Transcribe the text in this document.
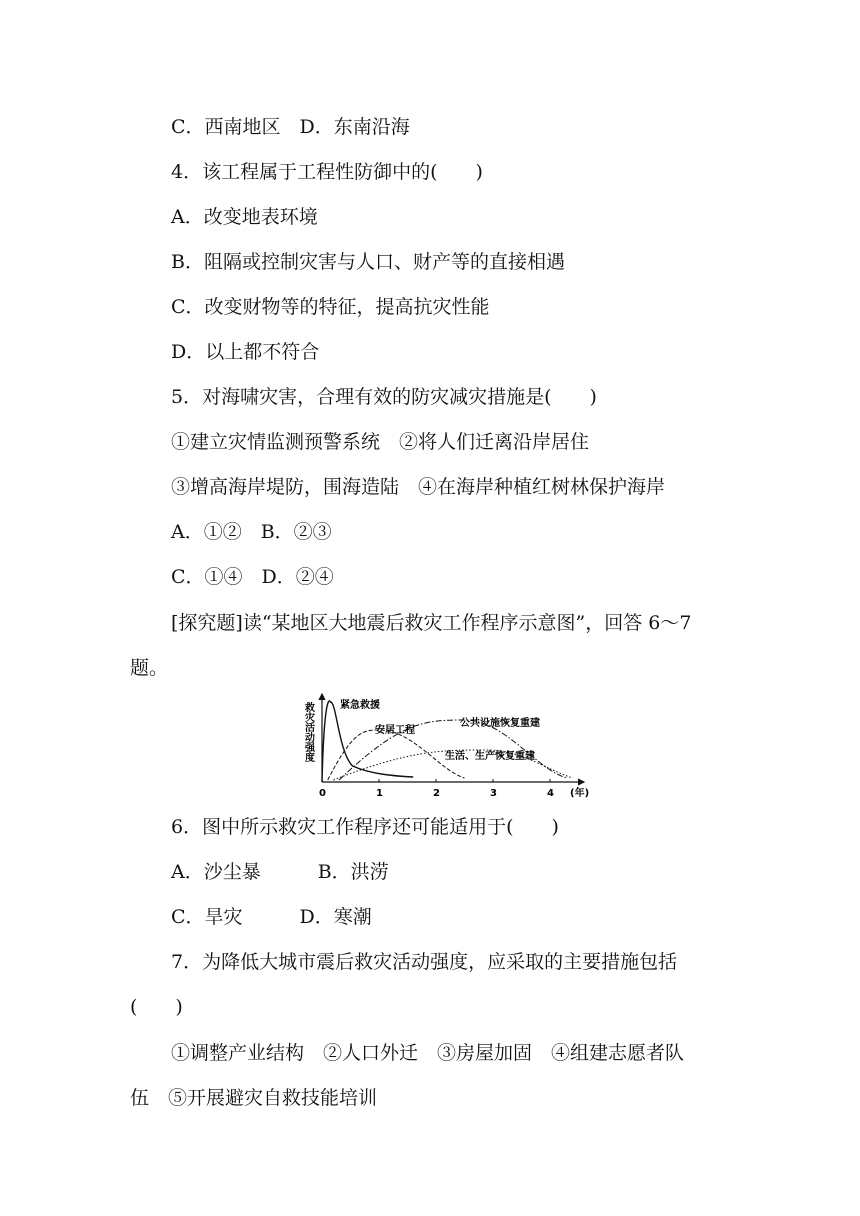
C．西南地区　D．东南沿海
4．该工程属于工程性防御中的(　　)
A．改变地表环境
B．阻隔或控制灾害与人口、财产等的直接相遇
C．改变财物等的特征，提高抗灾性能
D．以上都不符合
5．对海啸灾害，合理有效的防灾减灾措施是(　　)
①建立灾情监测预警系统　②将人们迁离沿岸居住
③增高海岸堤防，围海造陆　④在海岸种植红树林保护海岸
A．①②　B．②③
C．①④　D．②④
[探究题]读“某地区大地震后救灾工作程序示意图”，回答 6～7
题。
救灾活动强度
0	1	2	3	4
紧急救援
安居工程
公共设施恢复重建
生活、生产恢复重建
(年)
6．图中所示救灾工作程序还可能适用于(　　)
A．沙尘暴　　　B．洪涝
C．旱灾　　　D．寒潮
7．为降低大城市震后救灾活动强度，应采取的主要措施包括
(　　)
①调整产业结构　②人口外迁　③房屋加固　④组建志愿者队
伍　⑤开展避灾自救技能培训
